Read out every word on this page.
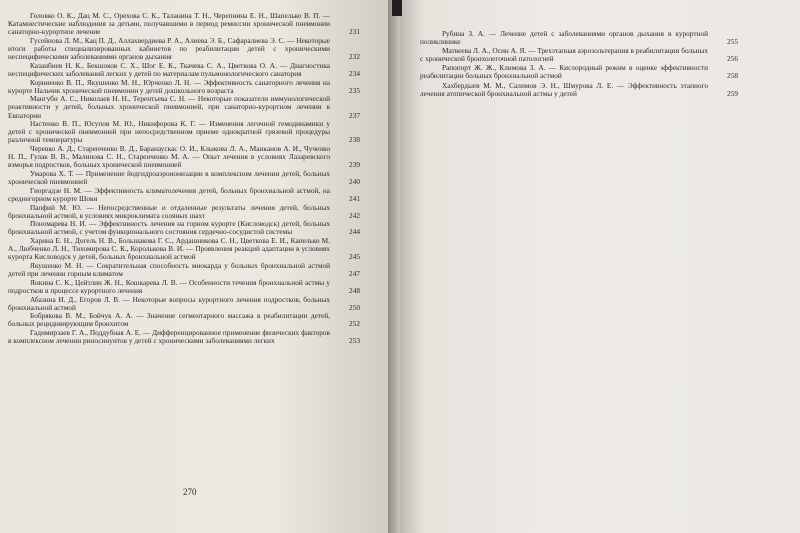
Головко О. К., Дац М. С., Орехова С. К., Таланина Т. Н., Черепнина Е. Н., Шапелько В. П. — Катамнестические наблюдения за детьми, получавшими в период ремиссии хронической пневмонии санаторно-курортное лечение	231
Гусейнова Л. М., Кац П. Д., Аллахвердиева Р. А., Алиева Э. Б., Сафаралиева Э. С. — Некоторые итоги работы специализированных кабинетов по реабилитации детей с хроническими неспецифическими заболеваниями органов дыхания	232
Казанбиев Н. К., Бекшоков С. Х., Шог Е. К., Ткачева С. А., Цветкова О. А. — Диагностика неспецифических заболеваний легких у детей по материалам пульмонологического санатория	234
Корниенко В. П., Якушенко М. Н., Юрченко Л. Н. — Эффективность санаторного лечения на курорте Нальчик хронической пневмонии у детей дошкольного возраста	235
Мангубн А. С., Николаев Н. Н., Терентьева С. Н. — Некоторые показатели иммунологической реактивности у детей, больных хронической пневмонией, при санаторно-курортном лечении в Евпатории	237
Настенко В. П., Юсупов М. Ю., Никифорова К. Г. — Изменения легочной гемодинамики у детей с хронической пневмонией при непосредственном приеме однократной грязевой процедуры различной температуры	238
Черевко А. Д., Старенченко В. Д., Баранаускас О. И., Клыкова Л. А., Манканов А. И., Чученко Н. П., Гулак В. В., Малинова С. Н., Старенченко М. А. — Опыт лечения в условиях Лазаревского взморья подростков, больных хронической пневмонией	239
Умарова Х. Т. — Применение йодгидроаэроионизации в комплексном лечении детей, больных хронической пневмонией	240
Гиоргадзе Н. М. — Эффективность климатолечения детей, больных бронхиальной астмой, на среднегорном курорте Шови	241
Папфий М. Ю. — Непосредственные и отдаленные результаты лечения детей, больных бронхиальной астмой, в условиях микроклимата соляных шахт	242
Пономарева Н. И. — Эффективность лечения на горном курорте (Кисловодск) детей, больных бронхиальной астмой, с учетом функционального состояния сердечно-сосудистой системы	244
Харина Е. Н., Догель Н. В., Большакова Г. С., Ардашникова С. Н., Цветкова Е. И., Капелько М. А., Любченко Л. Н., Тихомирова С. К., Королькова В. И. — Проявления реакций адаптации в условиях курорта Кисловодск у детей, больных бронхиальной астмой	245
Якушенко М. Н. — Сократительная способность миокарда у больных бронхиальной астмой детей при лечении горным климатом	247
Янкина С. К., Цейтлин Ж. Н., Кошкарева Л. В. — Особенности течения бронхиальной астмы у подростков в процессе курортного лечения	248
Абазина И. Д., Егоров Л. В. — Некоторые вопросы курортного лечения подростков, больных бронхиальной астмой	250
Бобрякова В. М., Бойчук А. А. — Значение сегментарного массажа в реабилитации детей, больных рецидивирующим бронхитом	252
Гадимирзаев Г. А., Поддубная А. Е. — Дифференцированное применение физических факторов в комплексном лечении риносинуитов у детей с хроническими заболеваниями легких	253
270
Рубина З. А. — Лечение детей с заболеваниями органов дыхания в курортной поликлинике	255
Матвеева Л. А., Осин А. Я. — Трехэтапная аэрозольтерапия в реабилитации больных с хронической бронхолегочной патологией	256
Рапопорт Ж. Ж., Климова З. А. — Кислородный режим в оценке эффективности реабилитации больных бронхиальной астмой	258
Хахбердыев М. М., Салимов Э. Н., Шмурова Л. Е. — Эффективность этапного лечения атопической бронхиальной астмы у детей	259
